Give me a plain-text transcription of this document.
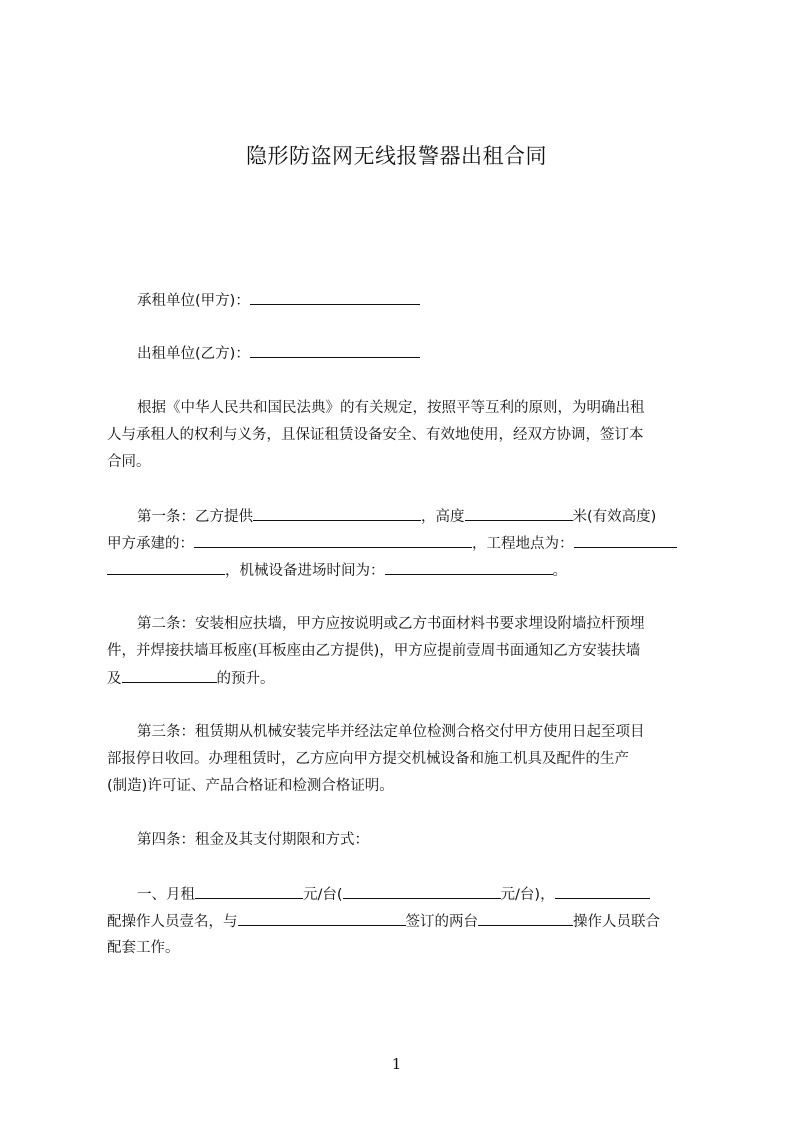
隐形防盗网无线报警器出租合同
承租单位(甲方)：
出租单位(乙方)：
根据《中华人民共和国民法典》的有关规定，按照平等互利的原则，为明确出租
人与承租人的权利与义务，且保证租赁设备安全、有效地使用，经双方协调，签订本
合同。
第一条：乙方提供	，高度	米(有效高度)
甲方承建的：	，工程地点为：
，机械设备进场时间为：	。
第二条：安装相应扶墙，甲方应按说明或乙方书面材料书要求埋设附墙拉杆预埋
件，并焊接扶墙耳板座(耳板座由乙方提供)，甲方应提前壹周书面通知乙方安装扶墙
及	的预升。
第三条：租赁期从机械安装完毕并经法定单位检测合格交付甲方使用日起至项目
部报停日收回。办理租赁时，乙方应向甲方提交机械设备和施工机具及配件的生产
(制造)许可证、产品合格证和检测合格证明。
第四条：租金及其支付期限和方式：
一、月租	元/台(	元/台)，
配操作人员壹名，与	签订的两台	操作人员联合
配套工作。
1
